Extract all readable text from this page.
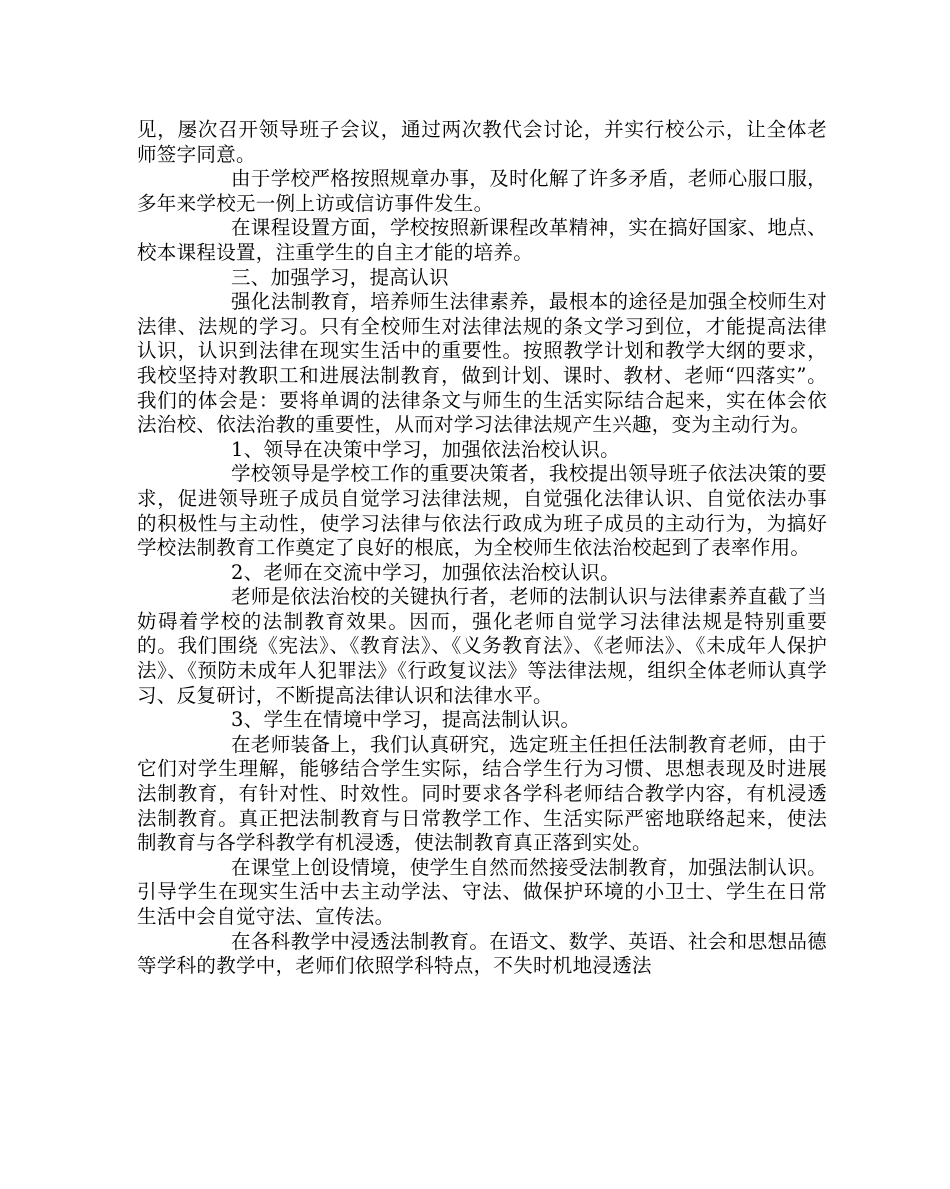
见，屡次召开领导班子会议，通过两次教代会讨论，并实行校公示，让全体老师签字同意。

由于学校严格按照规章办事，及时化解了许多矛盾，老师心服口服，多年来学校无一例上访或信访事件发生。

在课程设置方面，学校按照新课程改革精神，实在搞好国家、地点、校本课程设置，注重学生的自主才能的培养。

三、加强学习，提高认识

强化法制教育，培养师生法律素养，最根本的途径是加强全校师生对法律、法规的学习。只有全校师生对法律法规的条文学习到位，才能提高法律认识，认识到法律在现实生活中的重要性。按照教学计划和教学大纲的要求，我校坚持对教职工和进展法制教育，做到计划、课时、教材、老师“四落实”。我们的体会是：要将单调的法律条文与师生的生活实际结合起来，实在体会依法治校、依法治教的重要性，从而对学习法律法规产生兴趣，变为主动行为。

1、领导在决策中学习，加强依法治校认识。

学校领导是学校工作的重要决策者，我校提出领导班子依法决策的要求，促进领导班子成员自觉学习法律法规，自觉强化法律认识、自觉依法办事的积极性与主动性，使学习法律与依法行政成为班子成员的主动行为，为搞好学校法制教育工作奠定了良好的根底，为全校师生依法治校起到了表率作用。

2、老师在交流中学习，加强依法治校认识。

老师是依法治校的关键执行者，老师的法制认识与法律素养直截了当妨碍着学校的法制教育效果。因而，强化老师自觉学习法律法规是特别重要的。我们围绕《宪法》、《教育法》、《义务教育法》、《老师法》、《未成年人保护法》、《预防未成年人犯罪法》《行政复议法》等法律法规，组织全体老师认真学习、反复研讨，不断提高法律认识和法律水平。

3、学生在情境中学习，提高法制认识。

在老师装备上，我们认真研究，选定班主任担任法制教育老师，由于它们对学生理解，能够结合学生实际，结合学生行为习惯、思想表现及时进展法制教育，有针对性、时效性。同时要求各学科老师结合教学内容，有机浸透法制教育。真正把法制教育与日常教学工作、生活实际严密地联络起来，使法制教育与各学科教学有机浸透，使法制教育真正落到实处。

在课堂上创设情境，使学生自然而然接受法制教育，加强法制认识。引导学生在现实生活中去主动学法、守法、做保护环境的小卫士、学生在日常生活中会自觉守法、宣传法。

在各科教学中浸透法制教育。在语文、数学、英语、社会和思想品德等学科的教学中，老师们依照学科特点，不失时机地浸透法
